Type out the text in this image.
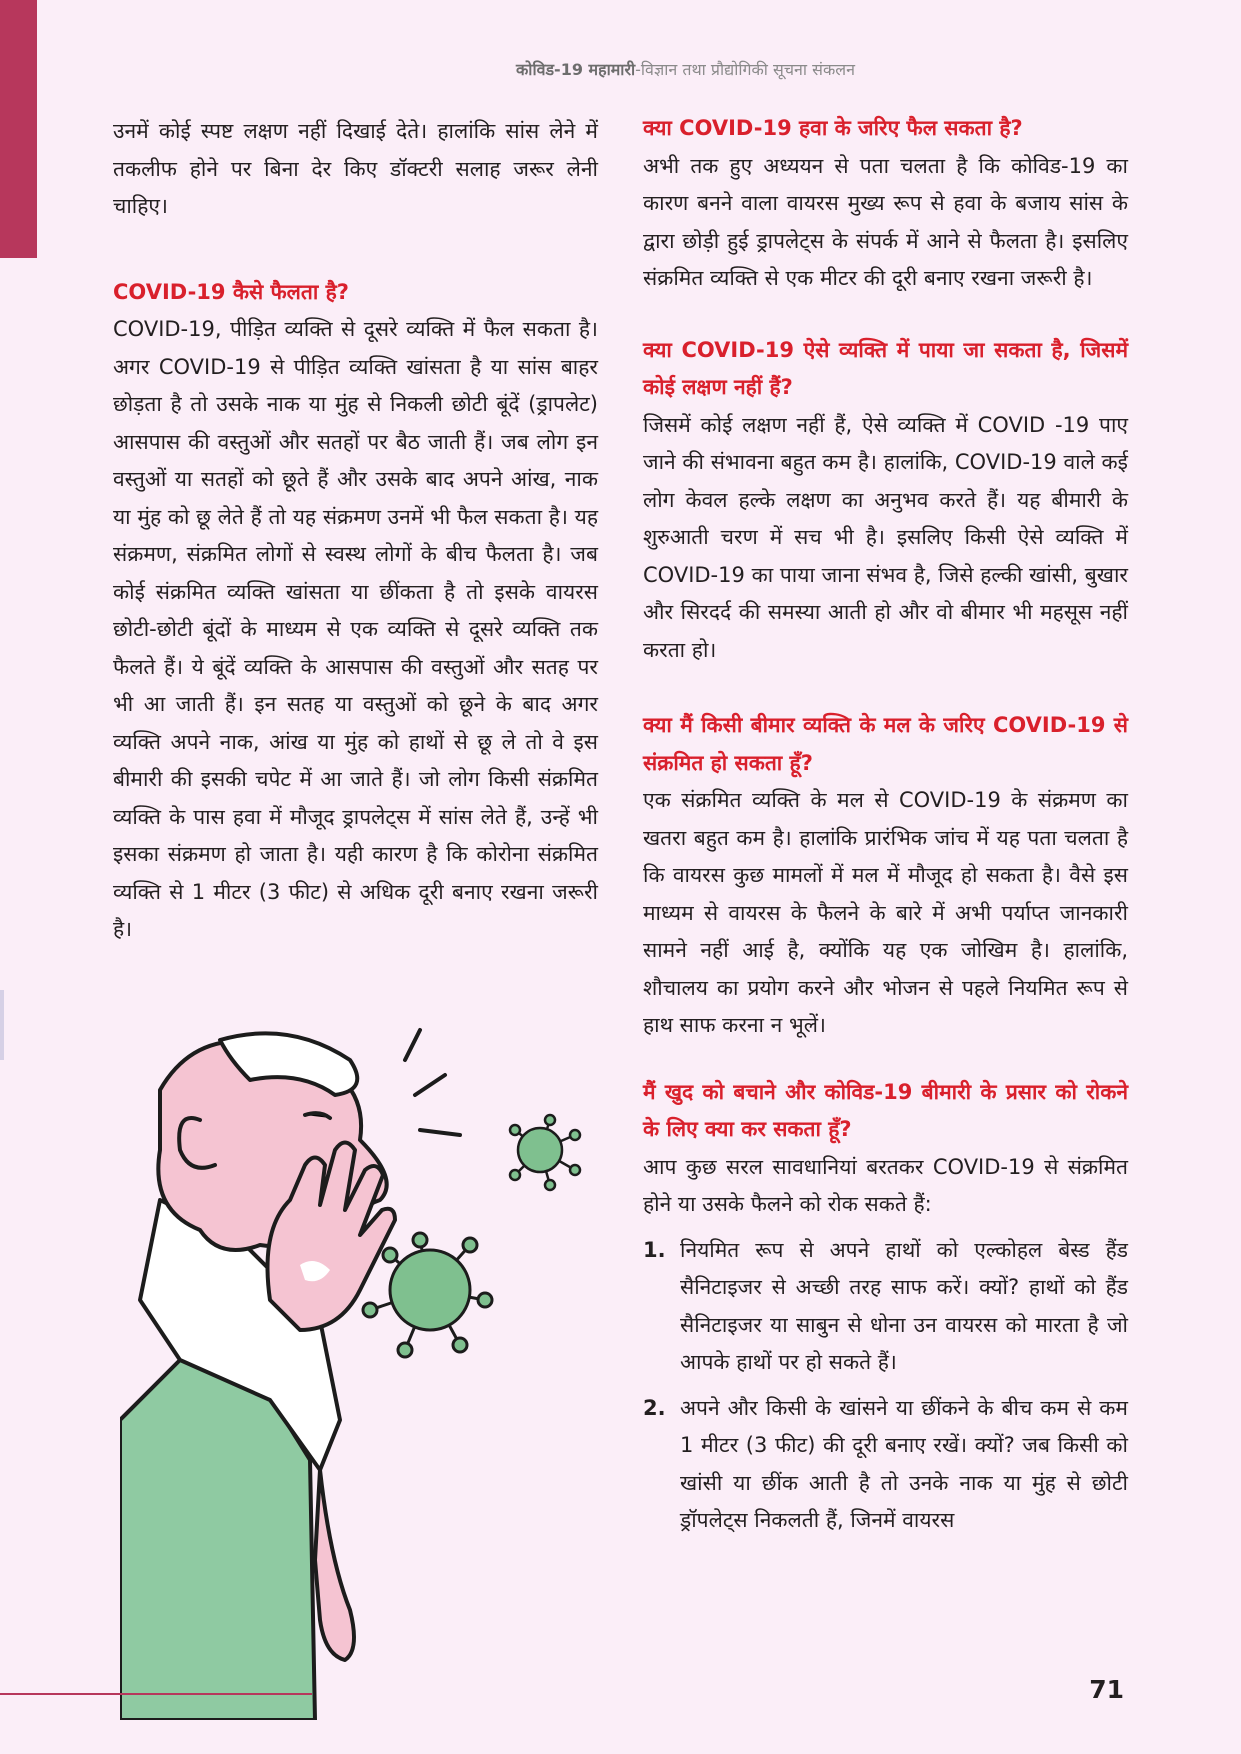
कोविड-19 महामारी-विज्ञान तथा प्रौद्योगिकी सूचना संकलन

उनमें कोई स्पष्ट लक्षण नहीं दिखाई देते। हालांकि सांस लेने में तकलीफ होने पर बिना देर किए डॉक्टरी सलाह जरूर लेनी चाहिए।

COVID-19 कैसे फैलता है?

COVID-19, पीड़ित व्यक्ति से दूसरे व्यक्ति में फैल सकता है। अगर COVID-19 से पीड़ित व्यक्ति खांसता है या सांस बाहर छोड़ता है तो उसके नाक या मुंह से निकली छोटी बूंदें (ड्रापलेट) आसपास की वस्तुओं और सतहों पर बैठ जाती हैं। जब लोग इन वस्तुओं या सतहों को छूते हैं और उसके बाद अपने आंख, नाक या मुंह को छू लेते हैं तो यह संक्रमण उनमें भी फैल सकता है। यह संक्रमण, संक्रमित लोगों से स्वस्थ लोगों के बीच फैलता है। जब कोई संक्रमित व्यक्ति खांसता या छींकता है तो इसके वायरस छोटी-छोटी बूंदों के माध्यम से एक व्यक्ति से दूसरे व्यक्ति तक फैलते हैं। ये बूंदें व्यक्ति के आसपास की वस्तुओं और सतह पर भी आ जाती हैं। इन सतह या वस्तुओं को छूने के बाद अगर व्यक्ति अपने नाक, आंख या मुंह को हाथों से छू ले तो वे इस बीमारी की इसकी चपेट में आ जाते हैं। जो लोग किसी संक्रमित व्यक्ति के पास हवा में मौजूद ड्रापलेट्स में सांस लेते हैं, उन्हें भी इसका संक्रमण हो जाता है। यही कारण है कि कोरोना संक्रमित व्यक्ति से 1 मीटर (3 फीट) से अधिक दूरी बनाए रखना जरूरी है।

क्या COVID-19 हवा के जरिए फैल सकता है?

अभी तक हुए अध्ययन से पता चलता है कि कोविड-19 का कारण बनने वाला वायरस मुख्य रूप से हवा के बजाय सांस के द्वारा छोड़ी हुई ड्रापलेट्स के संपर्क में आने से फैलता है। इसलिए संक्रमित व्यक्ति से एक मीटर की दूरी बनाए रखना जरूरी है।

क्या COVID-19 ऐसे व्यक्ति में पाया जा सकता है, जिसमें कोई लक्षण नहीं हैं?

जिसमें कोई लक्षण नहीं हैं, ऐसे व्यक्ति में COVID -19 पाए जाने की संभावना बहुत कम है। हालांकि, COVID-19 वाले कई लोग केवल हल्के लक्षण का अनुभव करते हैं। यह बीमारी के शुरुआती चरण में सच भी है। इसलिए किसी ऐसे व्यक्ति में COVID-19 का पाया जाना संभव है, जिसे हल्की खांसी, बुखार और सिरदर्द की समस्या आती हो और वो बीमार भी महसूस नहीं करता हो।

क्या मैं किसी बीमार व्यक्ति के मल के जरिए COVID-19 से संक्रमित हो सकता हूँ?

एक संक्रमित व्यक्ति के मल से COVID-19 के संक्रमण का खतरा बहुत कम है। हालांकि प्रारंभिक जांच में यह पता चलता है कि वायरस कुछ मामलों में मल में मौजूद हो सकता है। वैसे इस माध्यम से वायरस के फैलने के बारे में अभी पर्याप्त जानकारी सामने नहीं आई है, क्योंकि यह एक जोखिम है। हालांकि, शौचालय का प्रयोग करने और भोजन से पहले नियमित रूप से हाथ साफ करना न भूलें।

मैं खुद को बचाने और कोविड-19 बीमारी के प्रसार को रोकने के लिए क्या कर सकता हूँ?

आप कुछ सरल सावधानियां बरतकर COVID-19 से संक्रमित होने या उसके फैलने को रोक सकते हैं:

1. नियमित रूप से अपने हाथों को एल्कोहल बेस्ड हैंड सैनिटाइजर से अच्छी तरह साफ करें। क्यों? हाथों को हैंड सैनिटाइजर या साबुन से धोना उन वायरस को मारता है जो आपके हाथों पर हो सकते हैं।
2. अपने और किसी के खांसने या छींकने के बीच कम से कम 1 मीटर (3 फीट) की दूरी बनाए रखें। क्यों? जब किसी को खांसी या छींक आती है तो उनके नाक या मुंह से छोटी ड्रॉपलेट्स निकलती हैं, जिनमें वायरस
71
